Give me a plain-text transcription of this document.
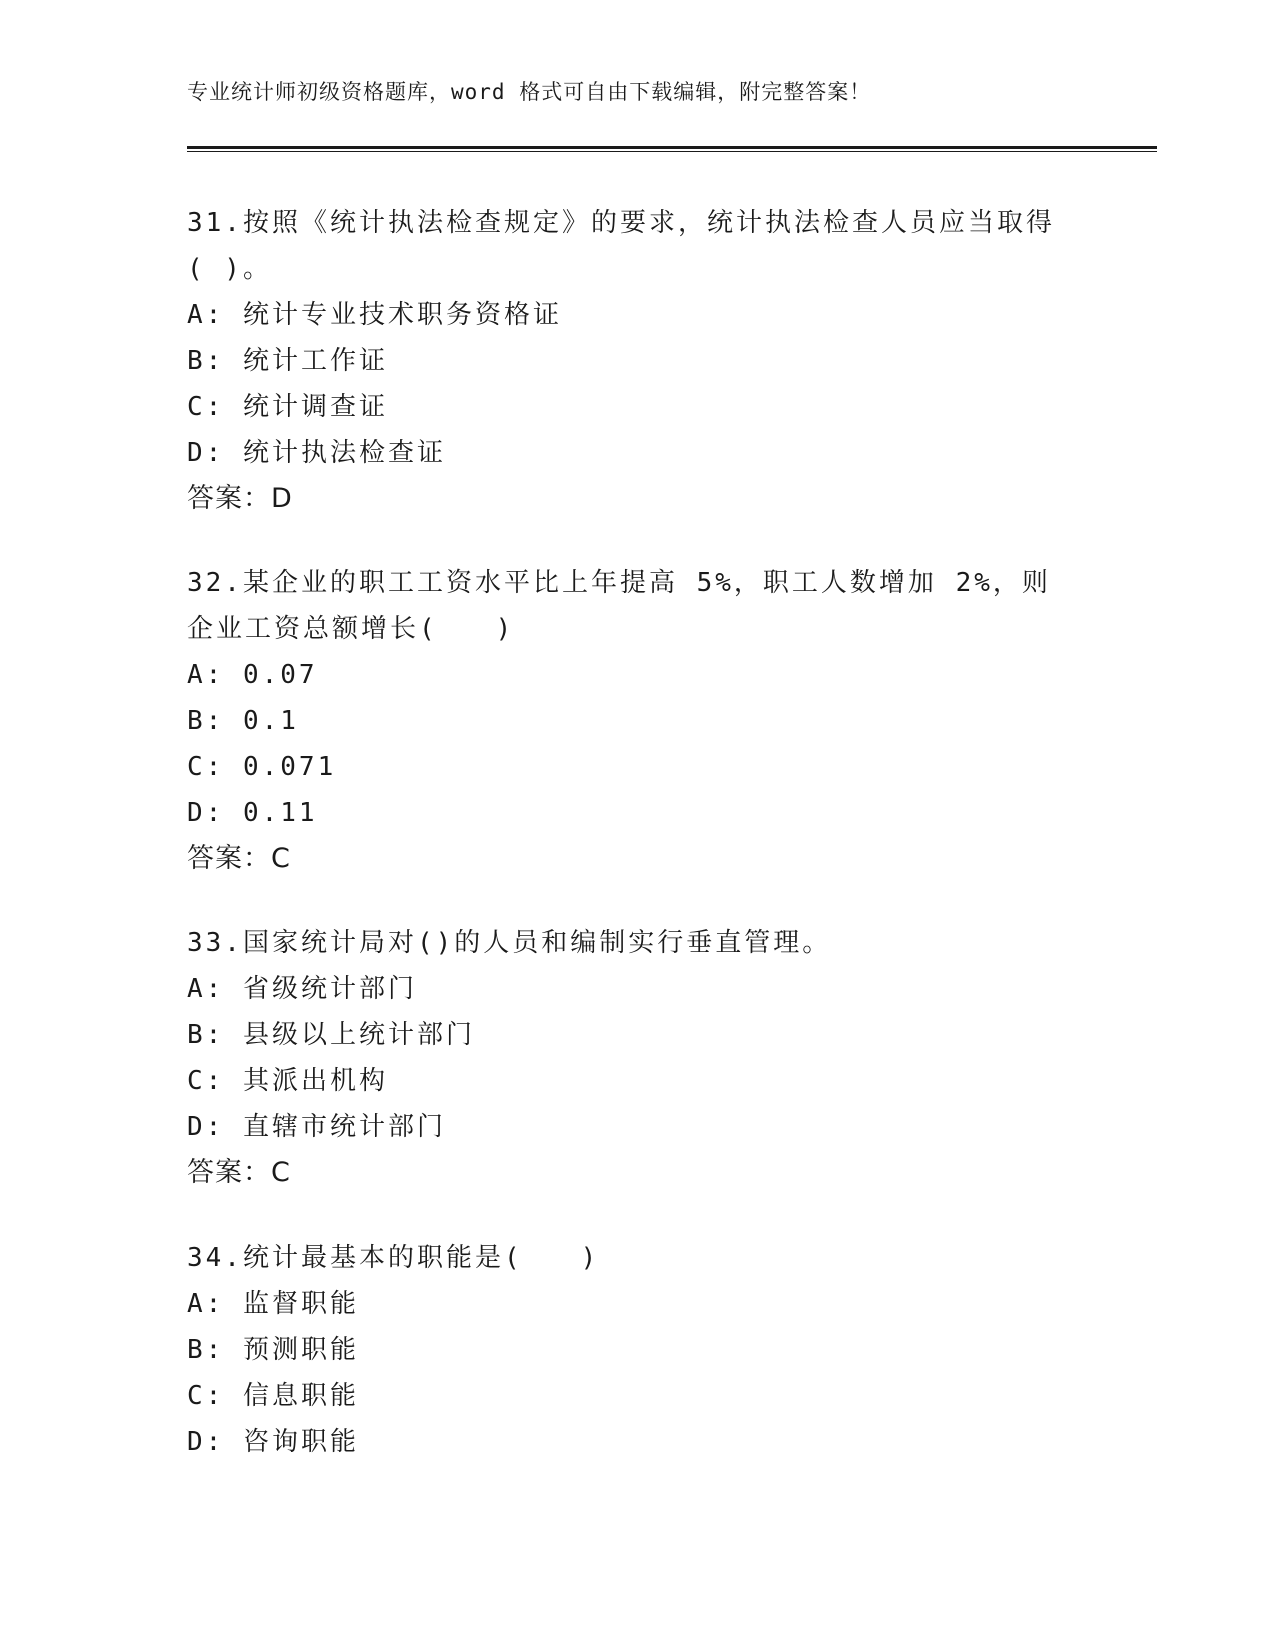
专业统计师初级资格题库，word 格式可自由下载编辑，附完整答案！

31.按照《统计执法检查规定》的要求，统计执法检查人员应当取得( )。

A: 统计专业技术职务资格证

B: 统计工作证

C: 统计调查证

D: 统计执法检查证

答案：D

32.某企业的职工工资水平比上年提高 5%，职工人数增加 2%，则企业工资总额增长(　　)

A: 0.07

B: 0.1

C: 0.071

D: 0.11

答案：C

33.国家统计局对()的人员和编制实行垂直管理。

A: 省级统计部门

B: 县级以上统计部门

C: 其派出机构

D: 直辖市统计部门

答案：C

34.统计最基本的职能是(　　)

A: 监督职能

B: 预测职能

C: 信息职能

D: 咨询职能
